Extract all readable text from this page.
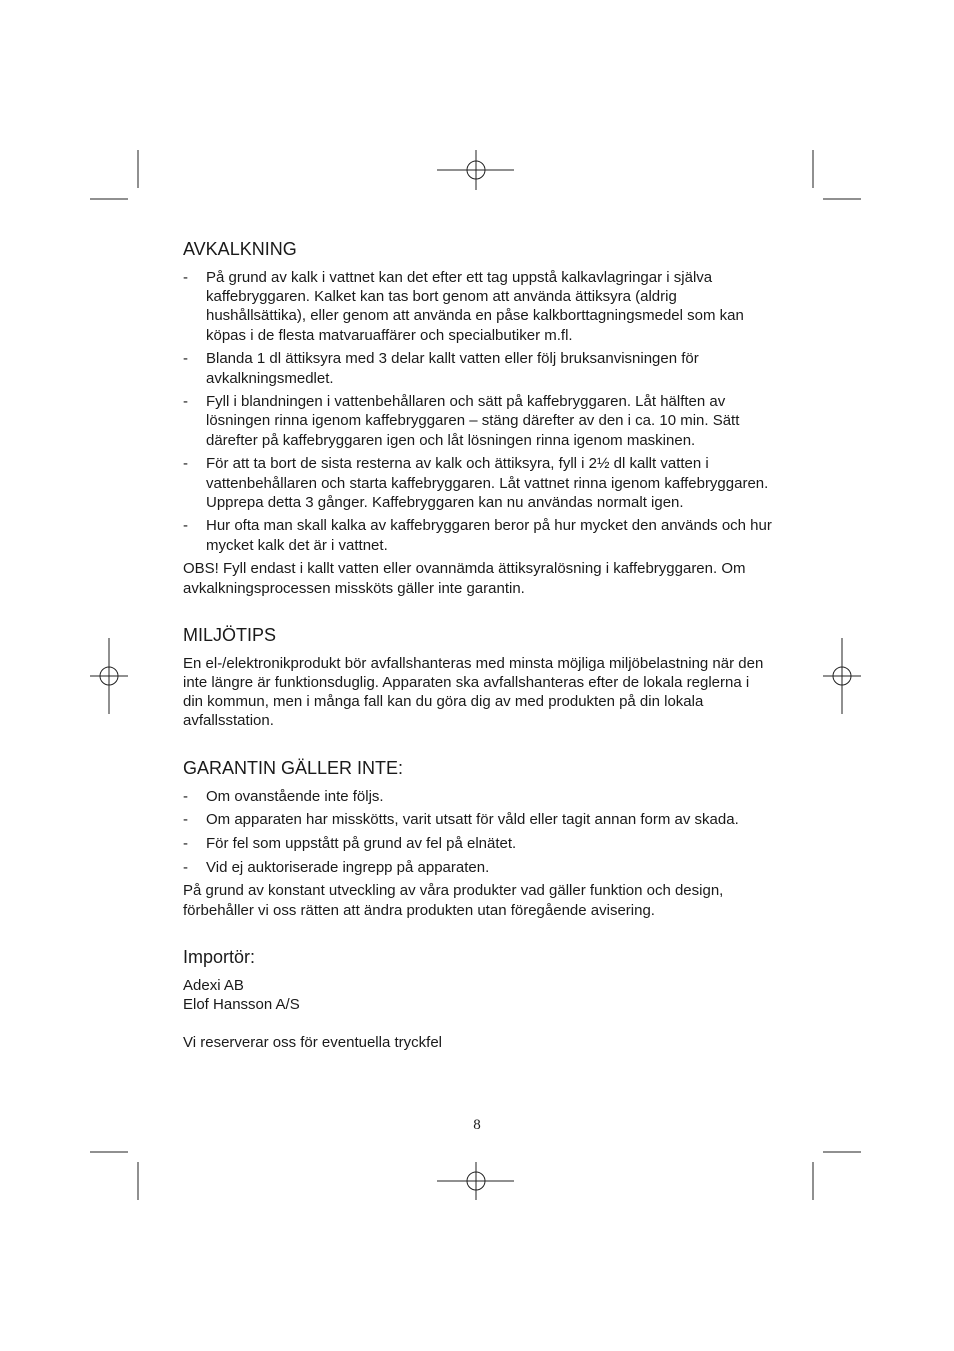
AVKALKNING
- På grund av kalk i vattnet kan det efter ett tag uppstå kalkavlagringar i själva kaffebryggaren. Kalket kan tas bort genom att använda ättiksyra (aldrig hushållsättika), eller genom att använda en påse kalkborttagningsmedel som kan köpas i de flesta matvaruaffärer och specialbutiker m.fl.
- Blanda 1 dl ättiksyra med 3 delar kallt vatten eller följ bruksanvisningen för avkalkningsmedlet.
- Fyll i blandningen i vattenbehållaren och sätt på kaffebryggaren. Låt hälften av lösningen rinna igenom kaffebryggaren – stäng därefter av den i ca. 10 min. Sätt därefter på kaffebryggaren igen och låt lösningen rinna igenom maskinen.
- För att ta bort de sista resterna av kalk och ättiksyra, fyll i 2½ dl kallt vatten i vattenbehållaren och starta kaffebryggaren. Låt vattnet rinna igenom kaffebryggaren. Upprepa detta 3 gånger. Kaffebryggaren kan nu användas normalt igen.
- Hur ofta man skall kalka av kaffebryggaren beror på hur mycket den används och hur mycket kalk det är i vattnet.

OBS! Fyll endast i kallt vatten eller ovannämda ättiksyralösning i kaffebryggaren. Om avkalkningsprocessen missköts gäller inte garantin.

MILJÖTIPS

En el-/elektronikprodukt bör avfallshanteras med minsta möjliga miljöbelastning när den inte längre är funktionsduglig. Apparaten ska avfallshanteras efter de lokala reglerna i din kommun, men i många fall kan du göra dig av med produkten på din lokala avfallsstation.

GARANTIN GÄLLER INTE:
- Om ovanstående inte följs.
- Om apparaten har misskötts, varit utsatt för våld eller tagit annan form av skada.
- För fel som uppstått på grund av fel på elnätet.
- Vid ej auktoriserade ingrepp på apparaten.

På grund av konstant utveckling av våra produkter vad gäller funktion och design, förbehåller vi oss rätten att ändra produkten utan föregående avisering.

Importör:

Adexi AB

Elof Hansson A/S

Vi reserverar oss för eventuella tryckfel

8
